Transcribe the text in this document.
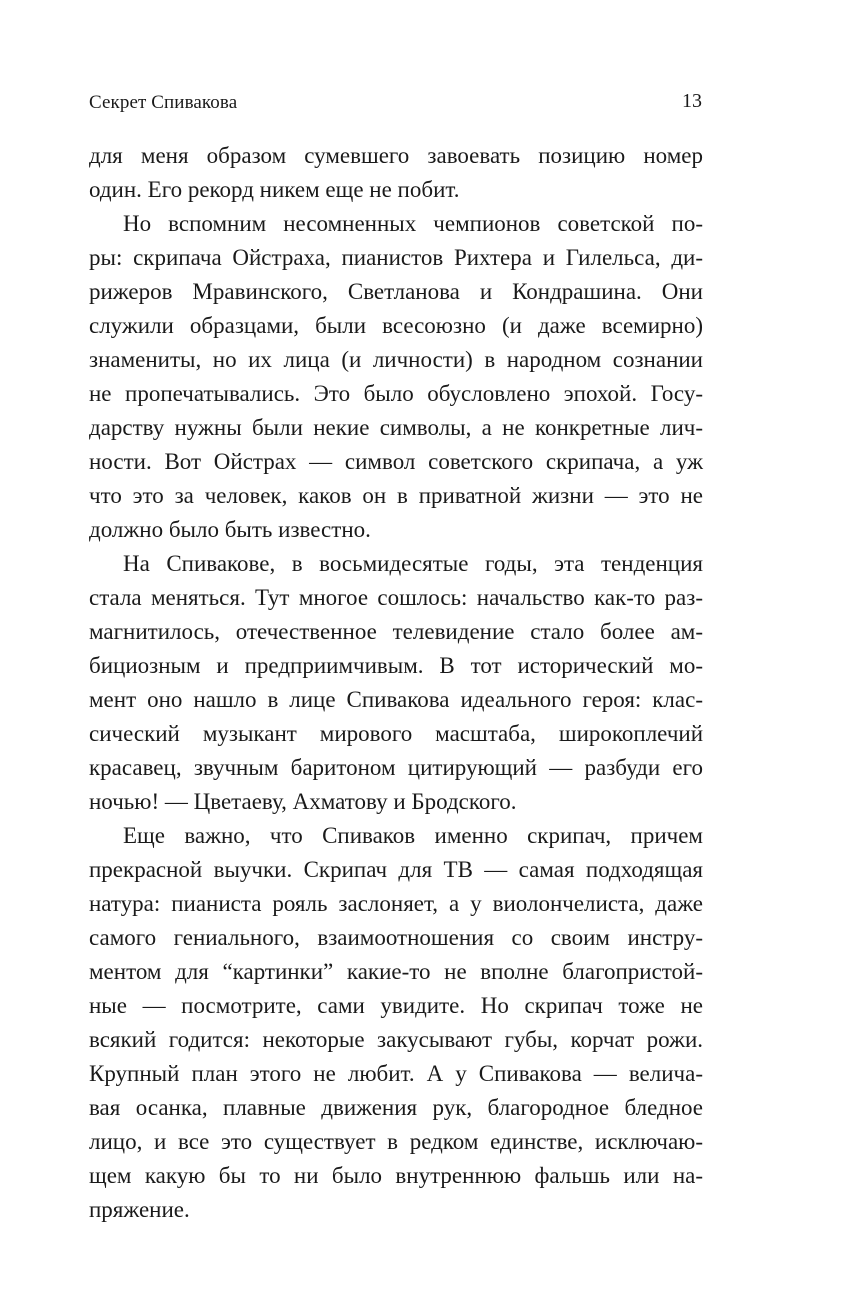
Секрет Спивакова	13
для меня образом сумевшего завоевать позицию номер
один. Его рекорд никем еще не побит.
Но вспомним несомненных чемпионов советской по-
ры: скрипача Ойстраха, пианистов Рихтера и Гилельса, ди-
рижеров Мравинского, Светланова и Кондрашина. Они
служили образцами, были всесоюзно (и даже всемирно)
знамениты, но их лица (и личности) в народном сознании
не пропечатывались. Это было обусловлено эпохой. Госу-
дарству нужны были некие символы, а не конкретные лич-
ности. Вот Ойстрах — символ советского скрипача, а уж
что это за человек, каков он в приватной жизни — это не
должно было быть известно.
На Спивакове, в восьмидесятые годы, эта тенденция
стала меняться. Тут многое сошлось: начальство как-то раз-
магнитилось, отечественное телевидение стало более ам-
бициозным и предприимчивым. В тот исторический мо-
мент оно нашло в лице Спивакова идеального героя: клас-
сический музыкант мирового масштаба, широкоплечий
красавец, звучным баритоном цитирующий — разбуди его
ночью! — Цветаеву, Ахматову и Бродского.
Еще важно, что Спиваков именно скрипач, причем
прекрасной выучки. Скрипач для ТВ — самая подходящая
натура: пианиста рояль заслоняет, а у виолончелиста, даже
самого гениального, взаимоотношения со своим инстру-
ментом для “картинки” какие-то не вполне благопристой-
ные — посмотрите, сами увидите. Но скрипач тоже не
всякий годится: некоторые закусывают губы, корчат рожи.
Крупный план этого не любит. А у Спивакова — велича-
вая осанка, плавные движения рук, благородное бледное
лицо, и все это существует в редком единстве, исключаю-
щем какую бы то ни было внутреннюю фальшь или на-
пряжение.
